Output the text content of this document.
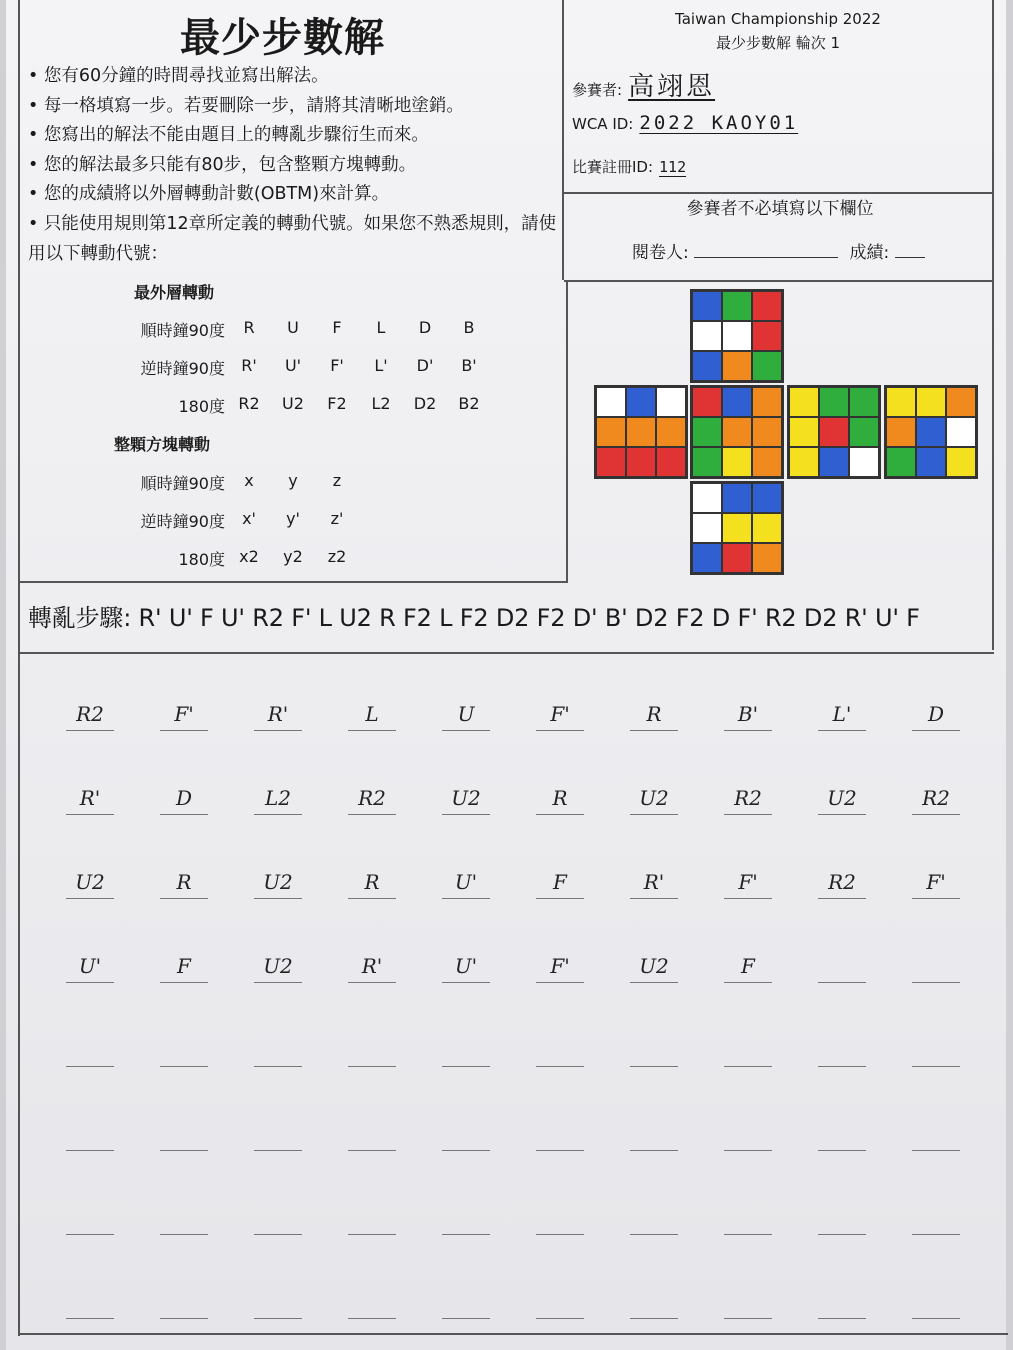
最少步數解
• 您有60分鐘的時間尋找並寫出解法。
• 每一格填寫一步。若要刪除一步，請將其清晰地塗銷。
• 您寫出的解法不能由題目上的轉亂步驟衍生而來。
• 您的解法最多只能有80步，包含整顆方塊轉動。
• 您的成績將以外層轉動計數(OBTM)來計算。
• 只能使用規則第12章所定義的轉動代號。如果您不熟悉規則，請使用以下轉動代號：
最外層轉動
順時鐘90度	R	U	F	L	D	B
逆時鐘90度	R'	U'	F'	L'	D'	B'
180度 R2	U2	F2	L2	D2	B2
整顆方塊轉動
順時鐘90度	x	y	z
逆時鐘90度	x'	y'	z'
180度 x2	y2	z2
Taiwan Championship 2022
最少步數解 輪次 1
參賽者: 高翊恩
WCA ID: 2022 KAOY01
比賽註冊ID: 112
參賽者不必填寫以下欄位
閱卷人:	成績:
轉亂步驟: R' U' F U' R2 F' L U2 R F2 L F2 D2 F2 D' B' D2 F2 D F' R2 D2 R' U' F
R2	F'	R'	L	U	F'	R	B'	L'	D
R'	D	L2	R2	U2	R	U2	R2	U2	R2
U2	R	U2	R	U'	F	R'	F'	R2	F'
U'	F	U2	R'	U'	F'	U2	F
